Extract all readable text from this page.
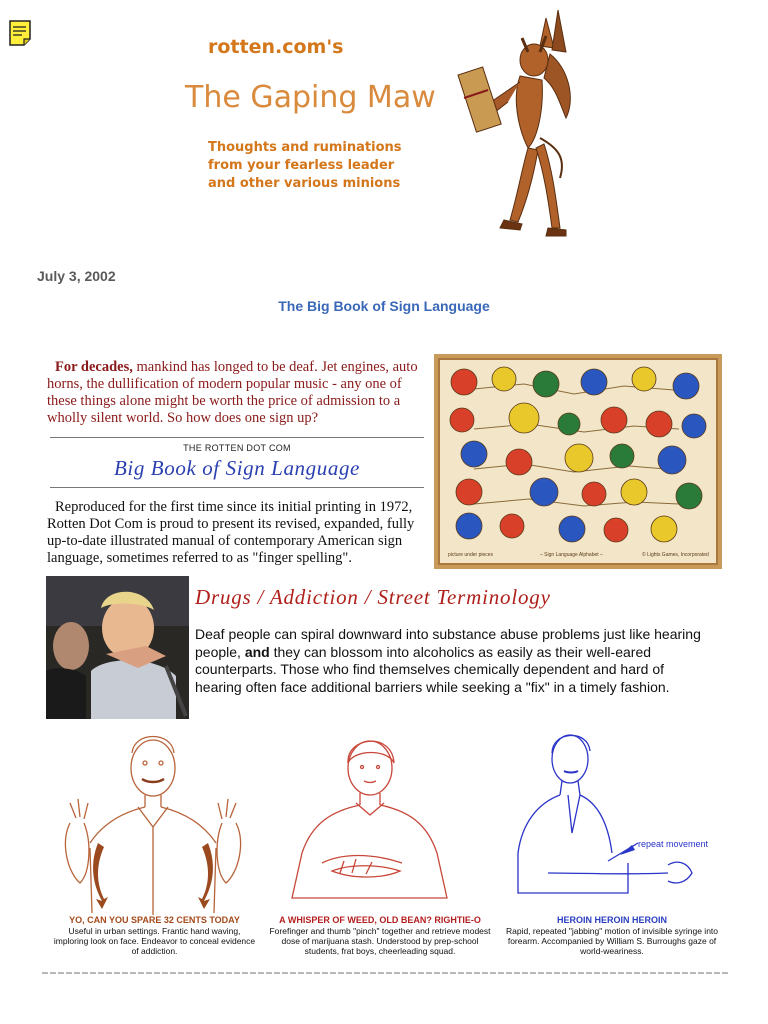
rotten.com's
The Gaping Maw
Thoughts and ruminations
from your fearless leader
and other various minions
July 3, 2002
The Big Book of Sign Language
For decades, mankind has longed to be deaf. Jet engines, auto horns, the dullification of modern popular music - any one of these things alone might be worth the price of admission to a wholly silent world. So how does one sign up?
THE ROTTEN DOT COM
Big Book of Sign Language
Reproduced for the first time since its initial printing in 1972, Rotten Dot Com is proud to present its revised, expanded, fully up-to-date illustrated manual of contemporary American sign language, sometimes referred to as "finger spelling".	picture under pieces	– Sign Language Alphabet –	© Lights Games, Incorporated
Drugs / Addiction / Street Terminology
Deaf people can spiral downward into substance abuse problems just like hearing people, and they can blossom into alcoholics as easily as their well-eared counterparts. Those who find themselves chemically dependent and hard of hearing often face additional barriers while seeking a "fix" in a timely fashion.
repeat movement
YO, CAN YOU SPARE 32 CENTS TODAY
Useful in urban settings. Frantic hand waving, imploring look on face. Endeavor to conceal evidence of addiction.
A WHISPER OF WEED, OLD BEAN? RIGHTIE-O
Forefinger and thumb "pinch" together and retrieve modest dose of marijuana stash. Understood by prep-school students, frat boys, cheerleading squad.
HEROIN HEROIN HEROIN
Rapid, repeated "jabbing" motion of invisible syringe into forearm. Accompanied by William S. Burroughs gaze of world-weariness.
